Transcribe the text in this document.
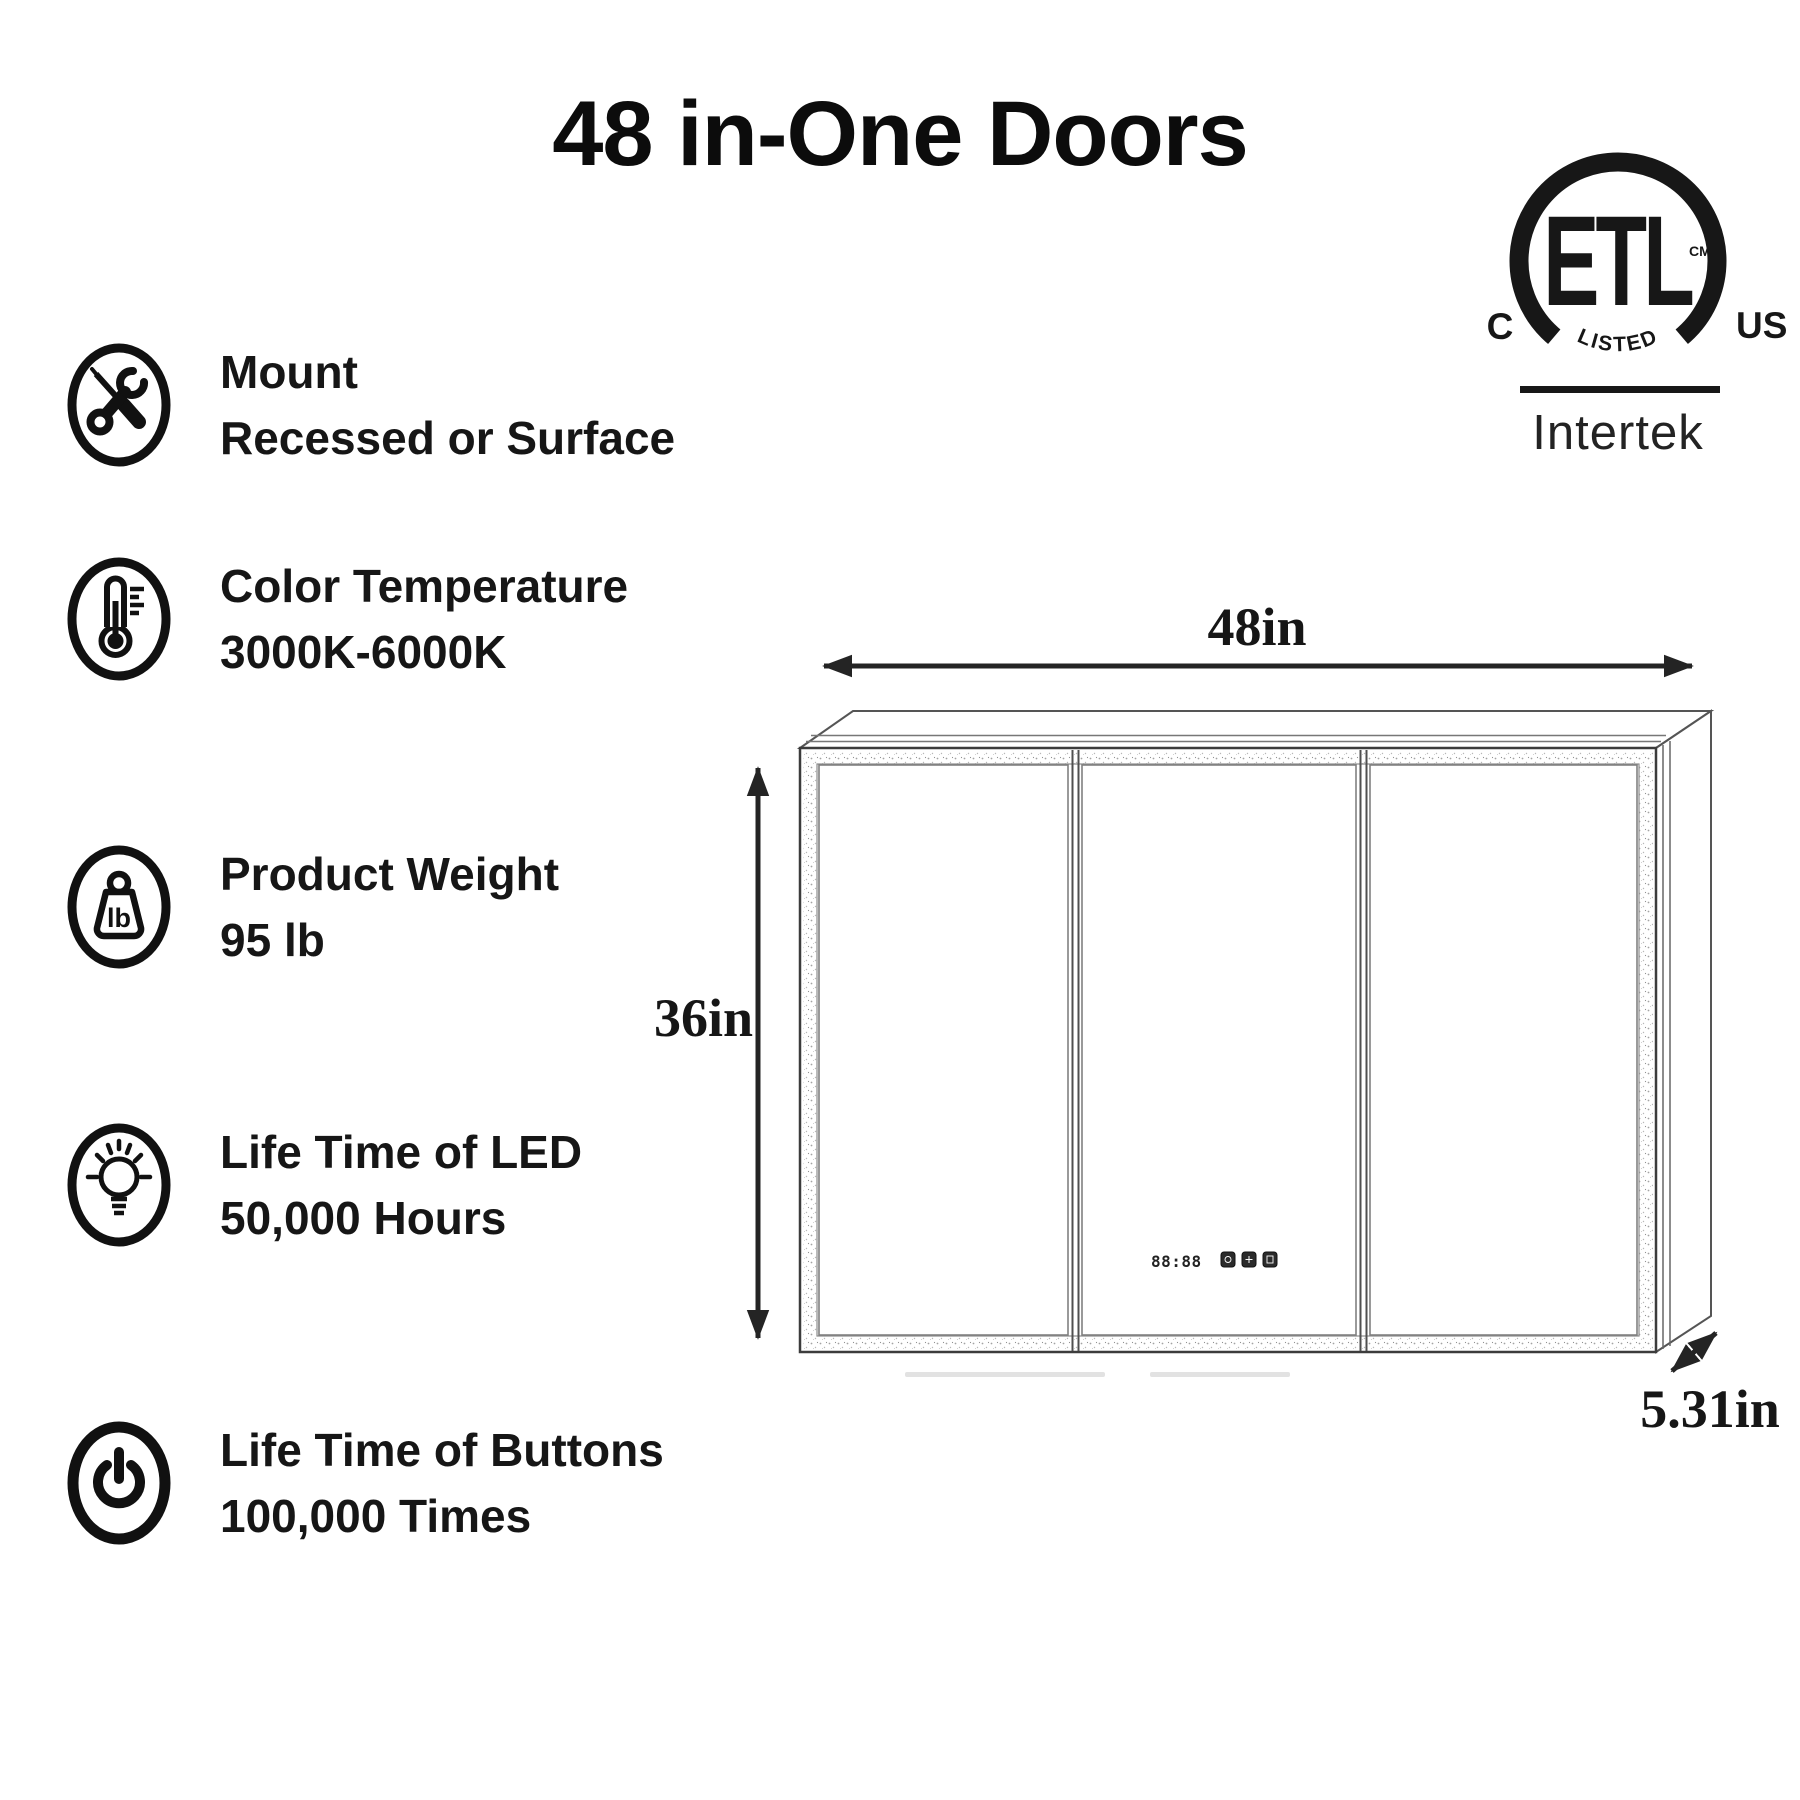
48 in-One Doors
ETL
CM
LISTED
C	US
Intertek
Mount
Recessed or Surface
Color Temperature
3000K-6000K
lb
Product Weight
95 lb
Life Time of LED
50,000 Hours
Life Time of Buttons
100,000 Times
88:88
48in
36in
5.31in
